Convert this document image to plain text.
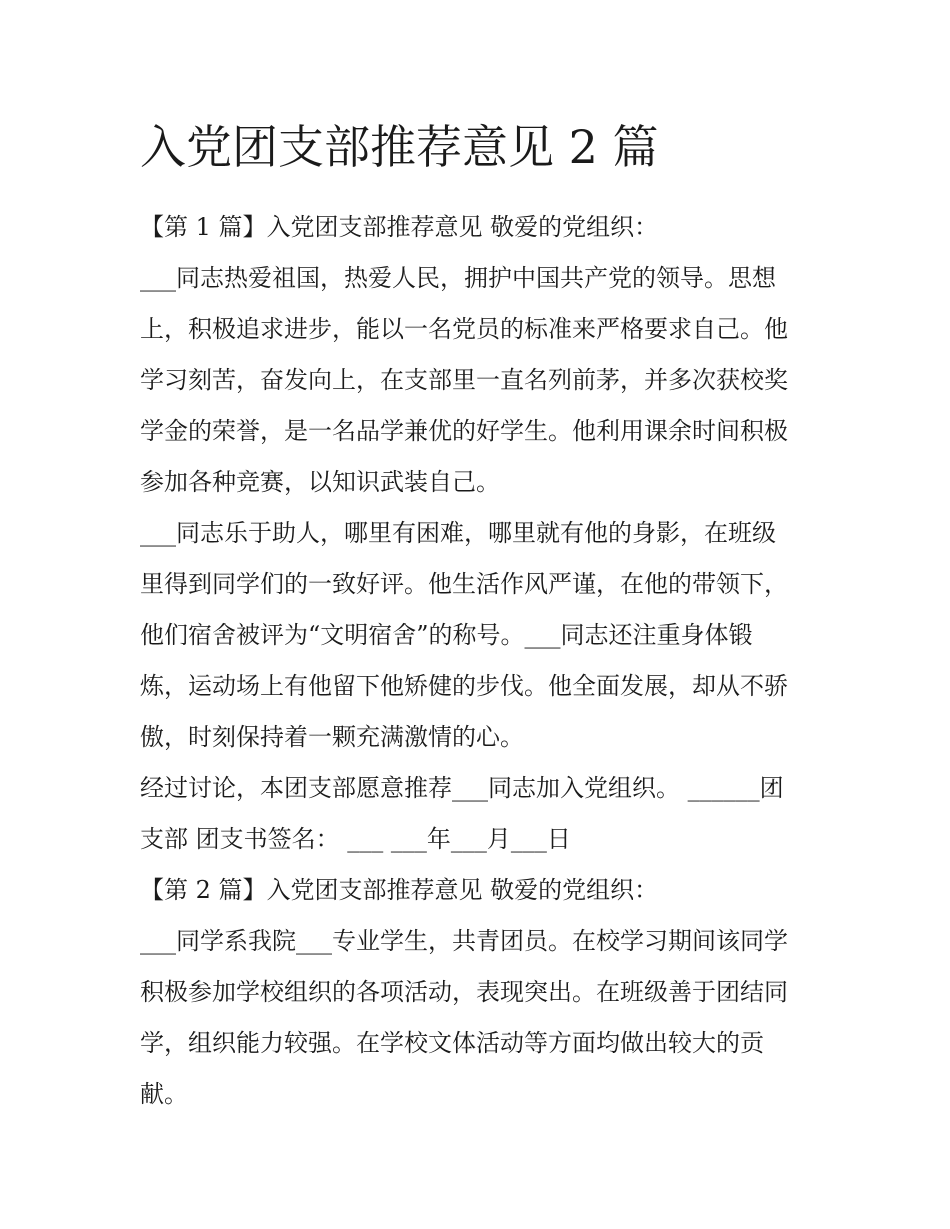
入党团支部推荐意见 2 篇

【第 1 篇】入党团支部推荐意见 敬爱的党组织：

___同志热爱祖国，热爱人民，拥护中国共产党的领导。思想

上，积极追求进步，能以一名党员的标准来严格要求自己。他

学习刻苦，奋发向上，在支部里一直名列前茅，并多次获校奖

学金的荣誉，是一名品学兼优的好学生。他利用课余时间积极

参加各种竞赛，以知识武装自己。

___同志乐于助人，哪里有困难，哪里就有他的身影，在班级

里得到同学们的一致好评。他生活作风严谨，在他的带领下，

他们宿舍被评为“文明宿舍”的称号。___同志还注重身体锻

炼，运动场上有他留下他矫健的步伐。他全面发展，却从不骄

傲，时刻保持着一颗充满激情的心。

经过讨论，本团支部愿意推荐___同志加入党组织。 ______团

支部 团支书签名： ___ ___年___月___日

【第 2 篇】入党团支部推荐意见 敬爱的党组织：

___同学系我院___专业学生，共青团员。在校学习期间该同学

积极参加学校组织的各项活动，表现突出。在班级善于团结同

学，组织能力较强。在学校文体活动等方面均做出较大的贡

献。
